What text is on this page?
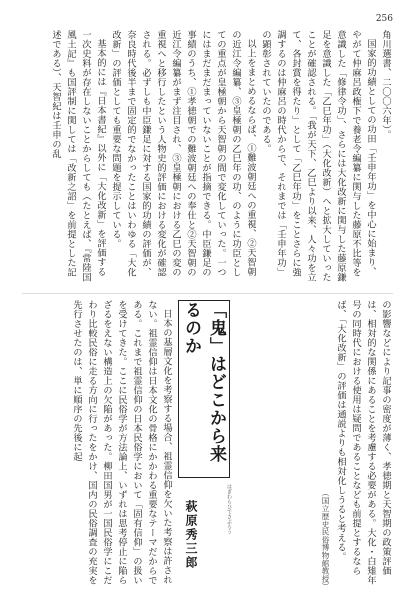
256

角川選書、二〇〇六年）。

国家的功績としての功田「壬申年功」を中心に始まり、やがて仲麻呂政権下で養老令編纂に関与した藤原不比等を意識した「修律令功」、さらには大化改新に関与した藤原鎌足を意識した「乙巳年功」（大化改新）へと拡大していったことが確認される。「我が天下、乙巳より以来、人々功を立て、各封賞を得たり」として「乙巳年功」をことさらに強調するのは仲麻呂の時代からで、それまでは「壬申年功」の顕彰されていたのである。

以上をまとめるならば、①難波朝廷への重視、②天智朝の近江令編纂、③皇極朝の乙巳年の功、のように功臣としての重点が皇極朝から天智朝の間で変化していった。一つにはまだまだまっていないことが指摘できる。中臣鎌足の事績のうち、①孝徳朝での難波朝廷への奉仕と②天智朝の近江令編纂がまず注目され、③皇極朝における乙巳の変の重視へと移行したという人物史的評価における変化が確認される。必ずしも中臣鎌足に対する国家的功績の評価が、奈良時代後半まで固定的でなかったことはいわゆる「大化改新」の評価としても重要な問題を提示している。

基本的には『日本書紀』以外に「大化改新」を評価する一次史料が存在しないことからしても（たとえば、『常陸国風土記』も国評制に関しては「改新之詔」を前提とした記述である）、天智紀は壬申の乱

の影響などにより記事の密度が薄く、孝徳期と天智期の政策評価は、相対的な関係にあることを考慮する必要がある。大化・白雉年号の同時代における使用は疑問であることなども前提とするならば、「大化改新」の評価は通説よりも相対化しうると考える。

（国立歴史民俗博物館教授）
「鬼」はどこから来るのか
はぎわらひでさぶろう
萩原秀三郎

日本の基層文化を考察する場合、祖霊信仰を欠いた考察は許されない。祖霊信仰は日本文化の骨格にかかわる重要なテーマだからである。これまで祖霊信仰の日本民俗学において「固有信仰」の扱いを受けてきた。ここに民俗学が方法論上、いずれは思考停止に陥らざるをえない構造上の欠陥があった。柳田国男が一国民俗学にこだわり比較民俗に走る方向に行ったをかけ、国内の民俗調査の充実を先行させたのは、単に順序の先後に起
